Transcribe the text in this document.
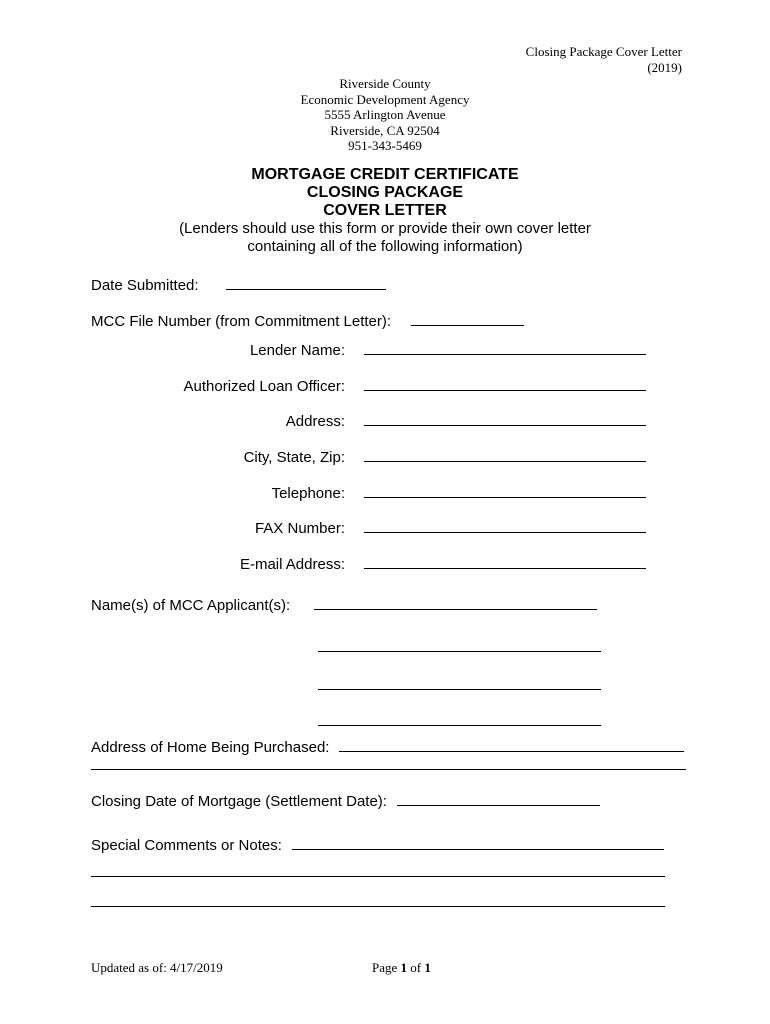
Closing Package Cover Letter
(2019)
Riverside County
Economic Development Agency
5555 Arlington Avenue
Riverside, CA 92504
951-343-5469
MORTGAGE CREDIT CERTIFICATE
CLOSING PACKAGE
COVER LETTER
(Lenders should use this form or provide their own cover letter
containing all of the following information)
Date Submitted:
MCC File Number (from Commitment Letter):
Lender Name:
Authorized Loan Officer:
Address:
City, State, Zip:
Telephone:
FAX Number:
E-mail Address:
Name(s) of MCC Applicant(s):
Address of Home Being Purchased:
Closing Date of Mortgage (Settlement Date):
Special Comments or Notes:
Updated as of: 4/17/2019	Page 1 of 1
